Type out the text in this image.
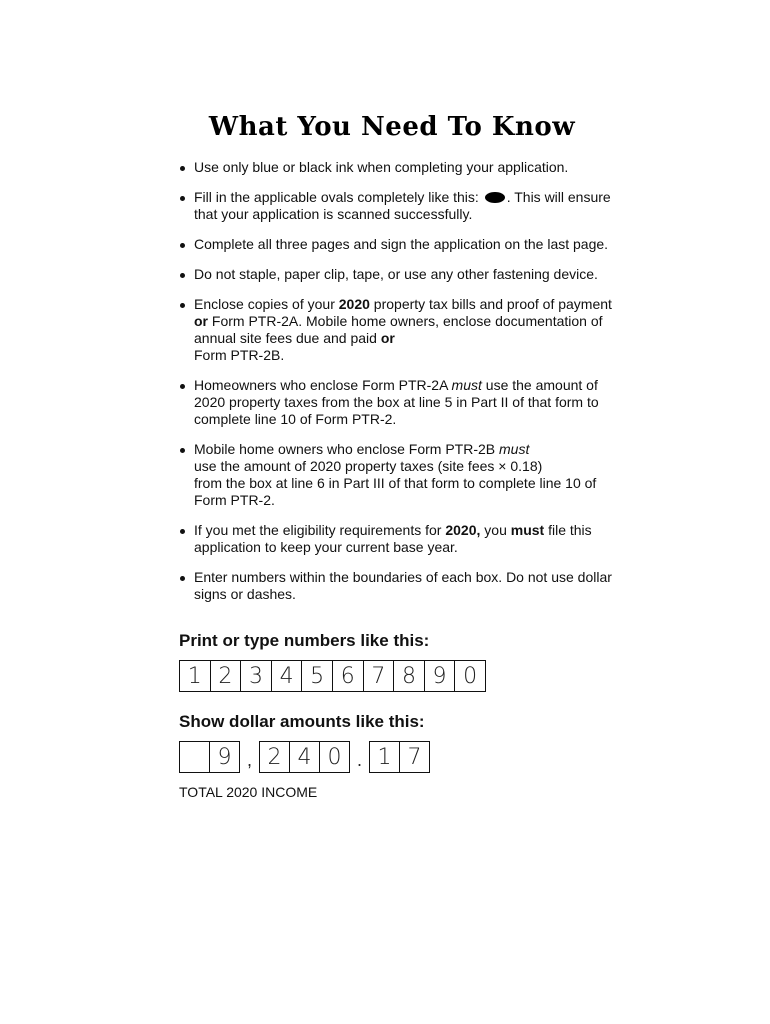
What You Need To Know
Use only blue or black ink when completing your application.
Fill in the applicable ovals completely like this: . This will ensure that your application is scanned successfully.
Complete all three pages and sign the application on the last page.
Do not staple, paper clip, tape, or use any other fastening device.
Enclose copies of your 2020 property tax bills and proof of payment or Form PTR-2A. Mobile home owners, enclose documentation of annual site fees due and paid or
Form PTR-2B.
Homeowners who enclose Form PTR-2A must use the amount of 2020 property taxes from the box at line 5 in Part II of that form to complete line 10 of Form PTR-2.
Mobile home owners who enclose Form PTR-2B must
use the amount of 2020 property taxes (site fees × 0.18)
from the box at line 6 in Part III of that form to complete line 10 of Form PTR-2.
If you met the eligibility requirements for 2020, you must file this application to keep your current base year.
Enter numbers within the boundaries of each box. Do not use dollar signs or dashes.
Print or type numbers like this:
1 2 3 4 5 6 7 8 9 0
Show dollar amounts like this:
9 , 2 4 0 . 1 7
TOTAL 2020 INCOME
